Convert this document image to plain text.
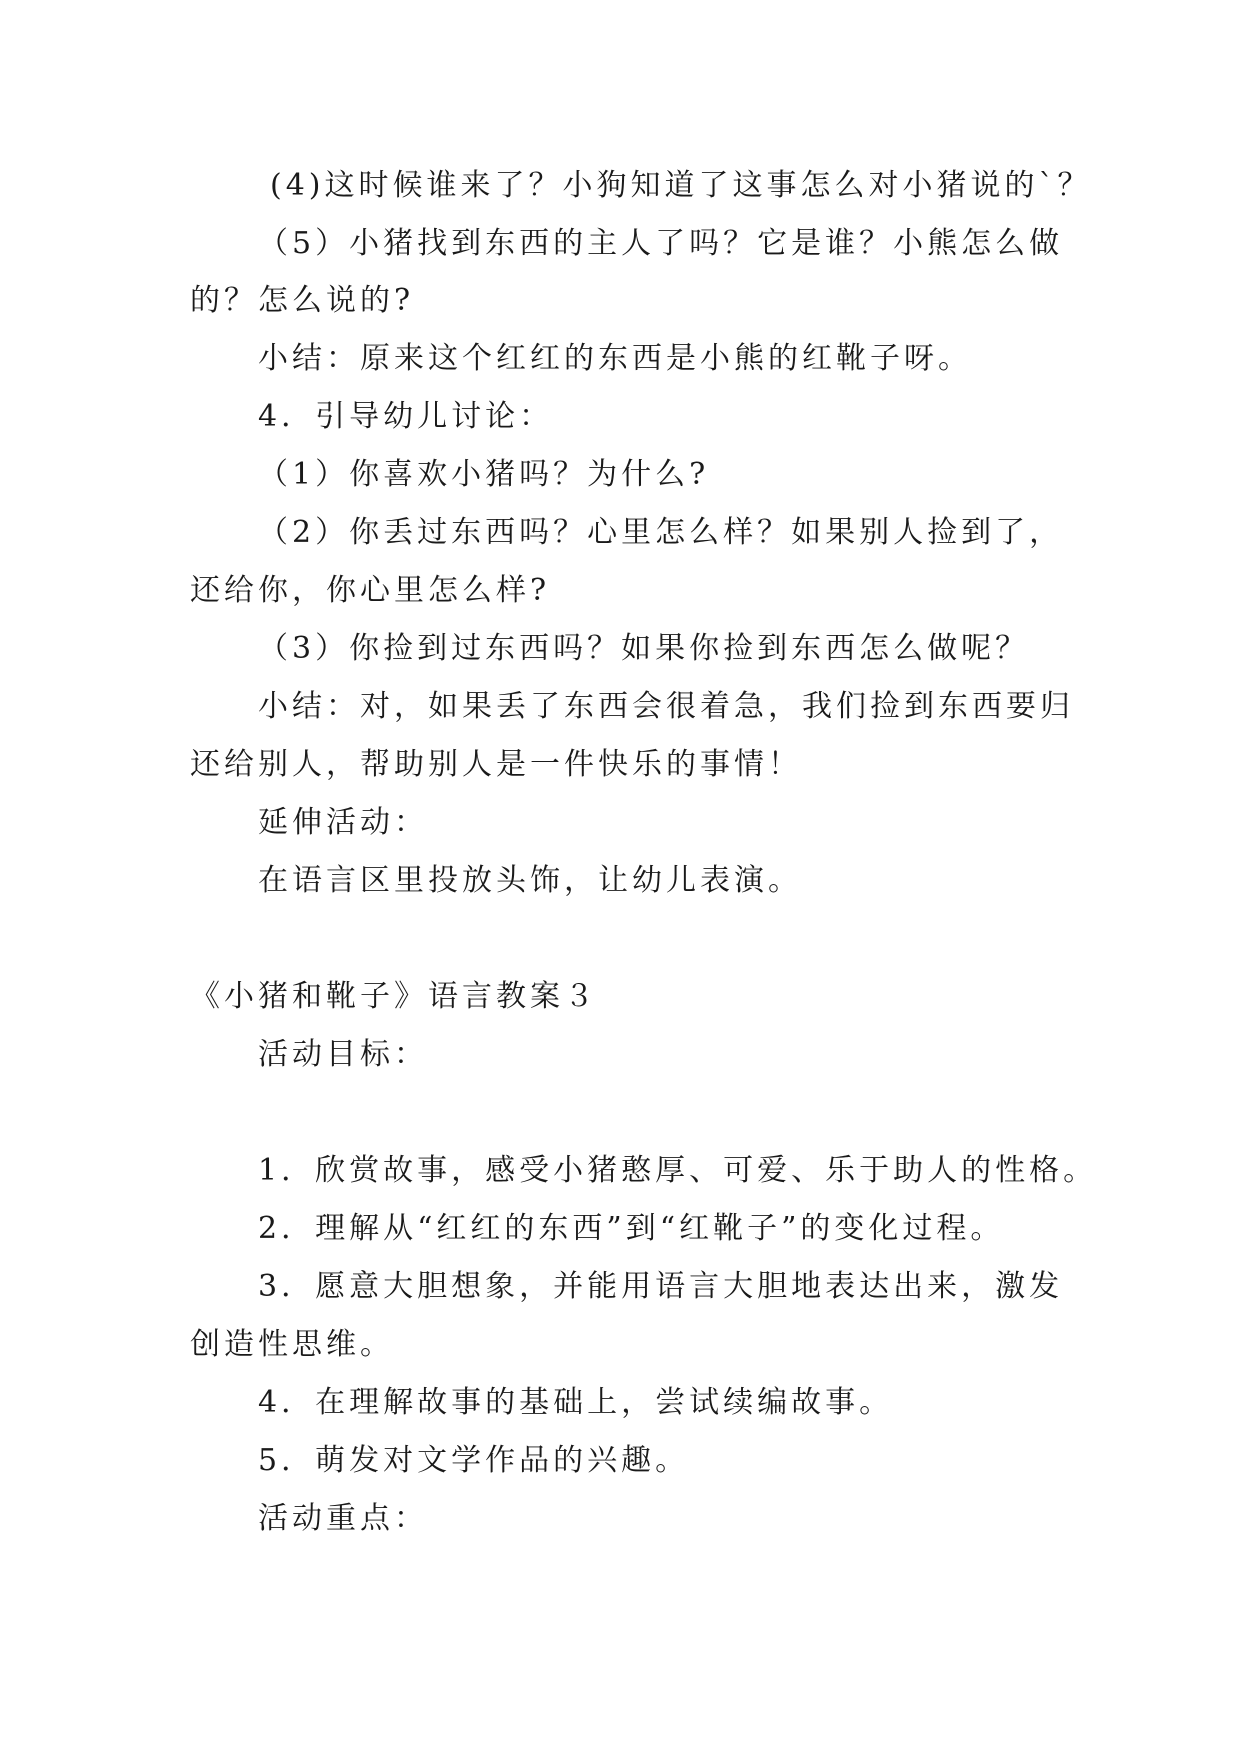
(4)这时候谁来了？小狗知道了这事怎么对小猪说的`？
（5）小猪找到东西的主人了吗？它是谁？小熊怎么做
的？怎么说的?
小结：原来这个红红的东西是小熊的红靴子呀。
4．引导幼儿讨论：
（1）你喜欢小猪吗？为什么?
（2）你丢过东西吗？心里怎么样？如果别人捡到了，
还给你，你心里怎么样?
（3）你捡到过东西吗？如果你捡到东西怎么做呢？
小结：对，如果丢了东西会很着急，我们捡到东西要归
还给别人，帮助别人是一件快乐的事情！
延伸活动：
在语言区里投放头饰，让幼儿表演。
《小猪和靴子》语言教案３
活动目标：
1．欣赏故事，感受小猪憨厚、可爱、乐于助人的性格。
2．理解从“红红的东西”到“红靴子”的变化过程。
3．愿意大胆想象，并能用语言大胆地表达出来，激发
创造性思维。
4．在理解故事的基础上，尝试续编故事。
5．萌发对文学作品的兴趣。
活动重点：
